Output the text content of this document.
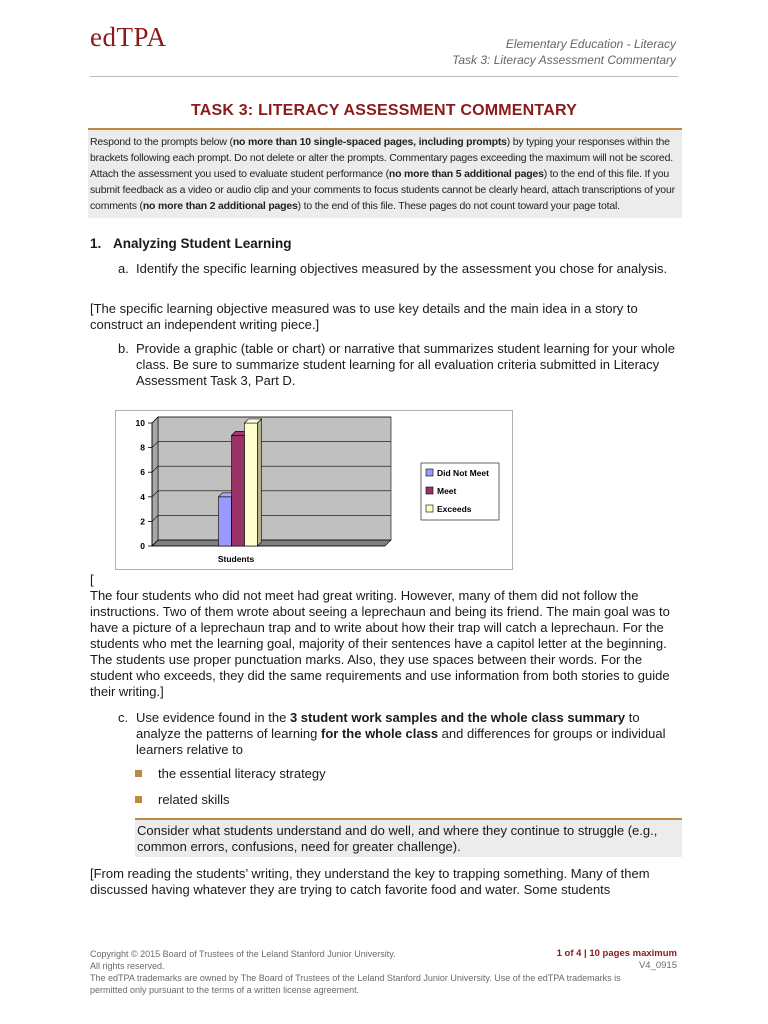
edTPA	Elementary Education - Literacy
Task 3: Literacy Assessment Commentary
TASK 3: LITERACY ASSESSMENT COMMENTARY
Respond to the prompts below (no more than 10 single-spaced pages, including prompts) by typing your responses within the brackets following each prompt. Do not delete or alter the prompts. Commentary pages exceeding the maximum will not be scored. Attach the assessment you used to evaluate student performance (no more than 5 additional pages) to the end of this file. If you submit feedback as a video or audio clip and your comments to focus students cannot be clearly heard, attach transcriptions of your comments (no more than 2 additional pages) to the end of this file. These pages do not count toward your page total.
1. Analyzing Student Learning
a. Identify the specific learning objectives measured by the assessment you chose for analysis.
[The specific learning objective measured was to use key details and the main idea in a story to construct an independent writing piece.]
b. Provide a graphic (table or chart) or narrative that summarizes student learning for your whole class. Be sure to summarize student learning for all evaluation criteria submitted in Literacy Assessment Task 3, Part D.
0
2
4
6
8
10
Students
Did Not Meet
Meet
Exceeds
[
The four students who did not meet had great writing. However, many of them did not follow the instructions. Two of them wrote about seeing a leprechaun and being its friend. The main goal was to have a picture of a leprechaun trap and to write about how their trap will catch a leprechaun. For the students who met the learning goal, majority of their sentences have a capitol letter at the beginning. The students use proper punctuation marks. Also, they use spaces between their words. For the student who exceeds, they did the same requirements and use information from both stories to guide their writing.]
c. Use evidence found in the 3 student work samples and the whole class summary to analyze the patterns of learning for the whole class and differences for groups or individual learners relative to
the essential literacy strategy
related skills
Consider what students understand and do well, and where they continue to struggle (e.g., common errors, confusions, need for greater challenge).
[From reading the students’ writing, they understand the key to trapping something. Many of them discussed having whatever they are trying to catch favorite food and water. Some students
Copyright © 2015 Board of Trustees of the Leland Stanford Junior University.
All rights reserved.
The edTPA trademarks are owned by The Board of Trustees of the Leland Stanford Junior University. Use of the edTPA trademarks is permitted only pursuant to the terms of a written license agreement.
1 of 4 | 10 pages maximum
V4_0915
